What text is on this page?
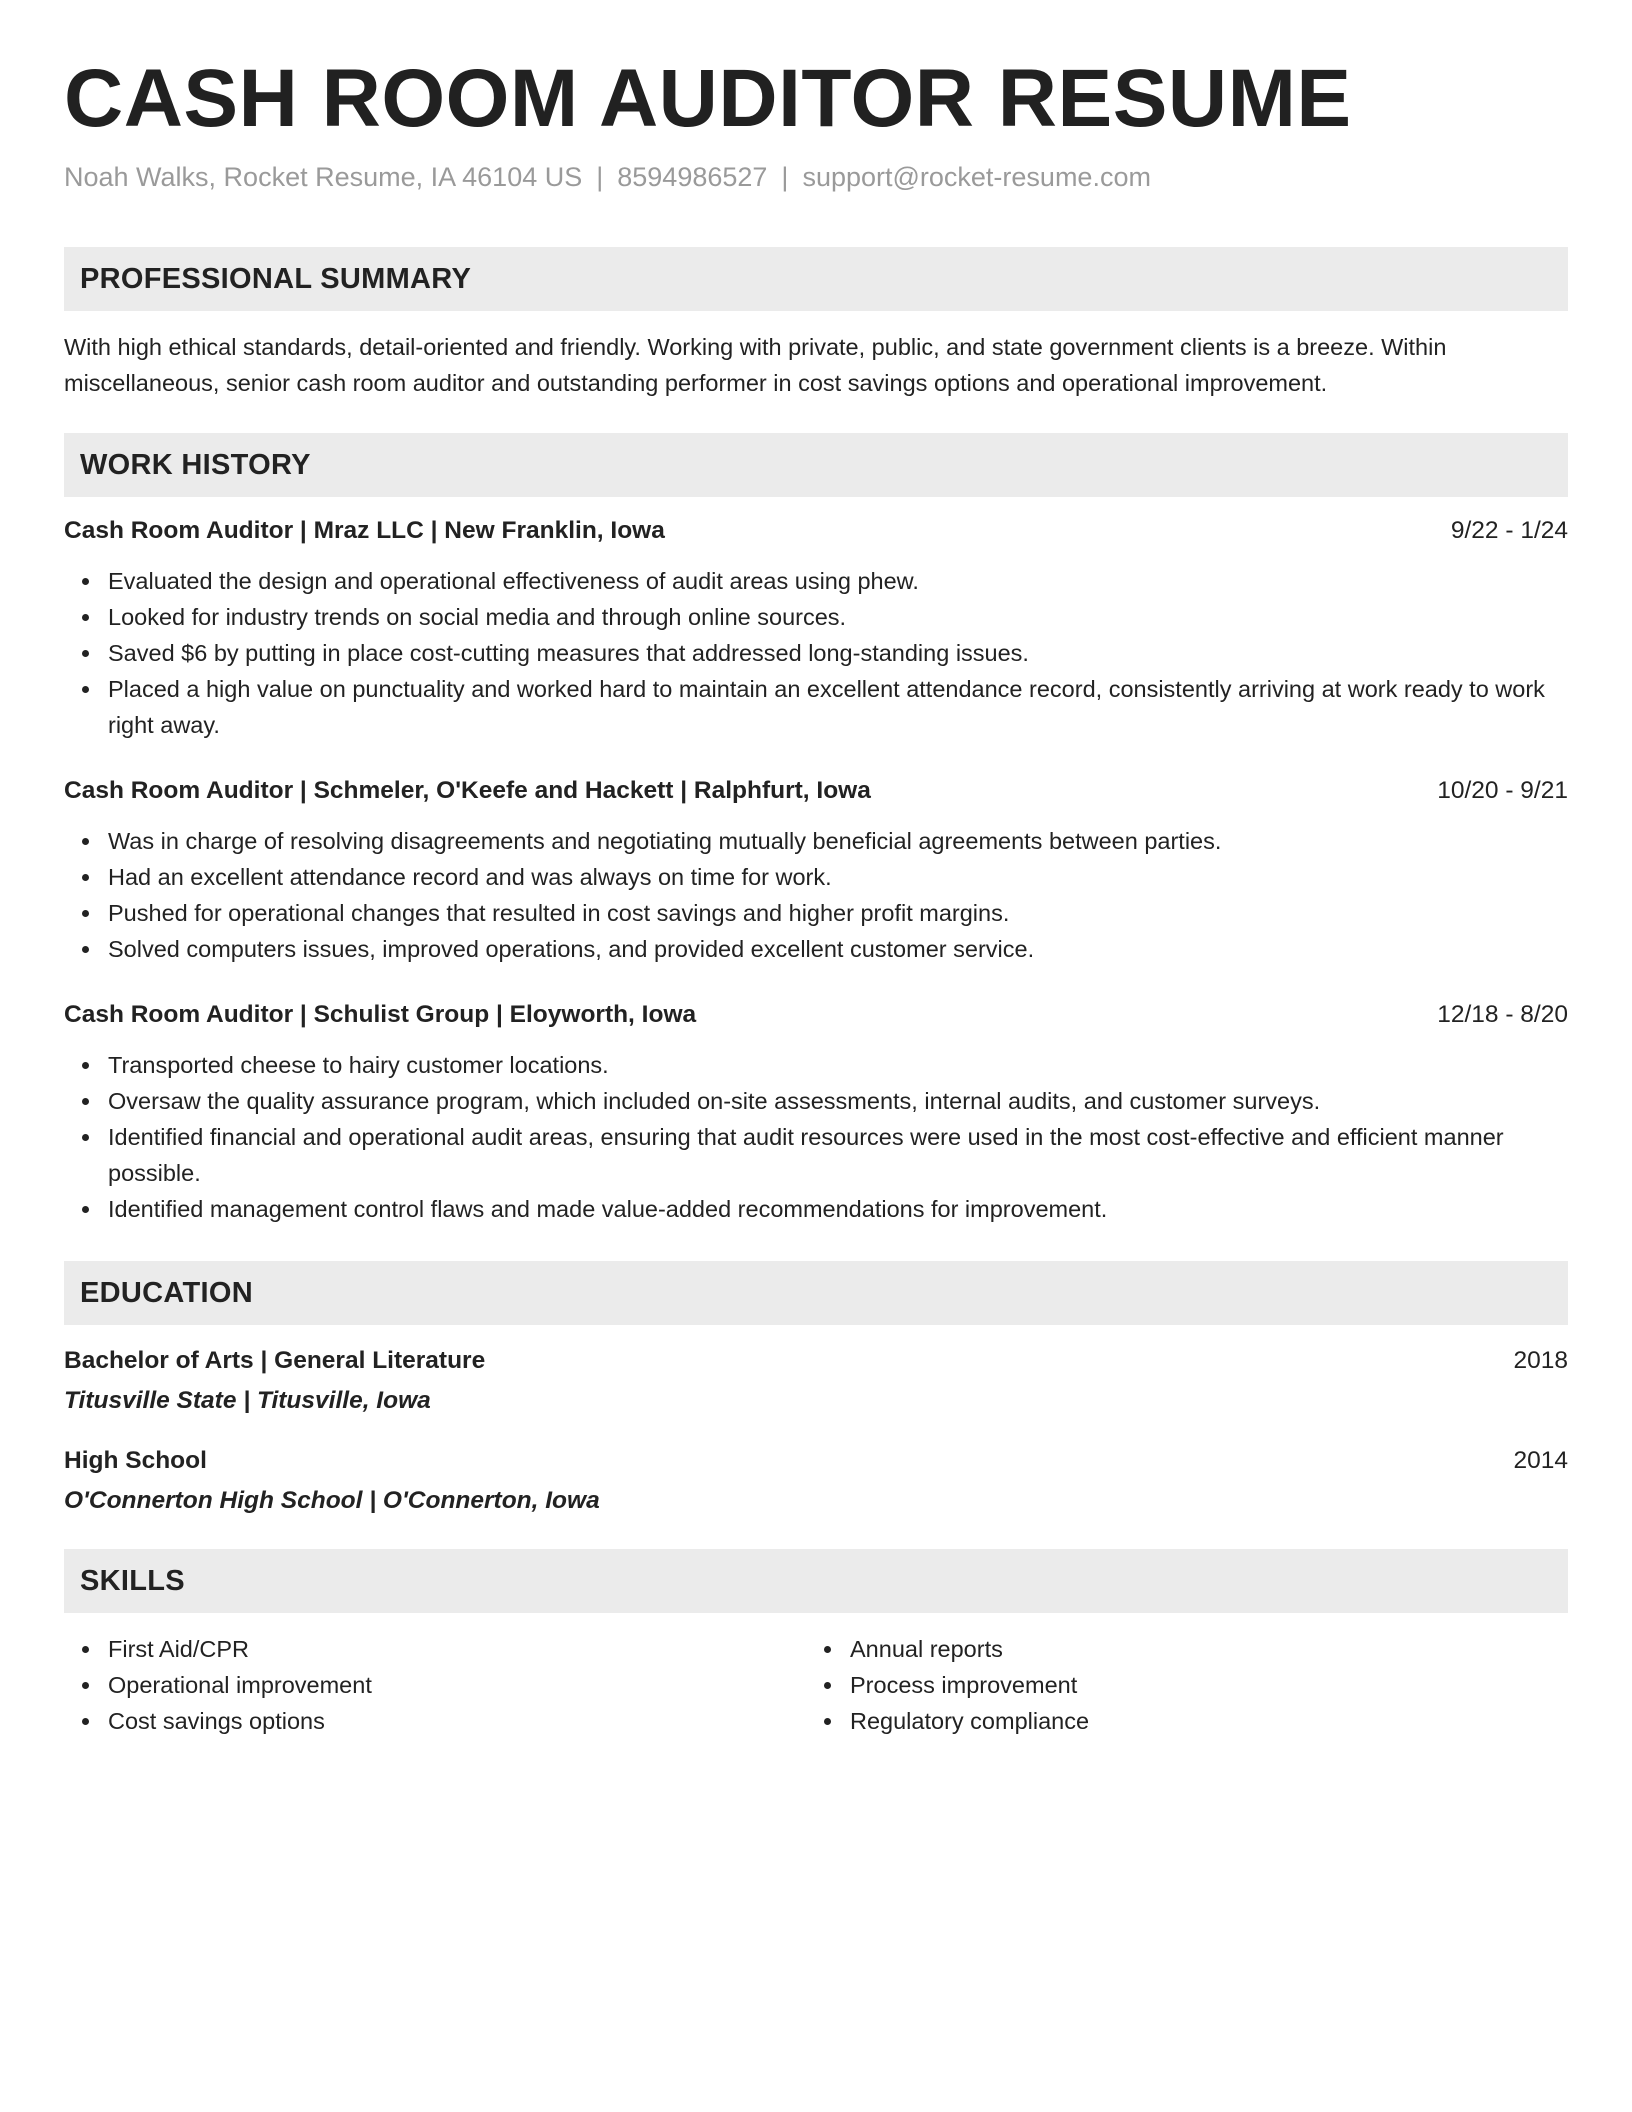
CASH ROOM AUDITOR RESUME
Noah Walks, Rocket Resume, IA 46104 US | 8594986527 | support@rocket-resume.com
PROFESSIONAL SUMMARY
With high ethical standards, detail-oriented and friendly. Working with private, public, and state government clients is a breeze. Within miscellaneous, senior cash room auditor and outstanding performer in cost savings options and operational improvement.
WORK HISTORY
Cash Room Auditor | Mraz LLC | New Franklin, Iowa	9/22 - 1/24
Evaluated the design and operational effectiveness of audit areas using phew.
Looked for industry trends on social media and through online sources.
Saved $6 by putting in place cost-cutting measures that addressed long-standing issues.
Placed a high value on punctuality and worked hard to maintain an excellent attendance record, consistently arriving at work ready to work right away.
Cash Room Auditor | Schmeler, O'Keefe and Hackett | Ralphfurt, Iowa	10/20 - 9/21
Was in charge of resolving disagreements and negotiating mutually beneficial agreements between parties.
Had an excellent attendance record and was always on time for work.
Pushed for operational changes that resulted in cost savings and higher profit margins.
Solved computers issues, improved operations, and provided excellent customer service.
Cash Room Auditor | Schulist Group | Eloyworth, Iowa	12/18 - 8/20
Transported cheese to hairy customer locations.
Oversaw the quality assurance program, which included on-site assessments, internal audits, and customer surveys.
Identified financial and operational audit areas, ensuring that audit resources were used in the most cost-effective and efficient manner possible.
Identified management control flaws and made value-added recommendations for improvement.
EDUCATION
Bachelor of Arts | General Literature	2018
Titusville State | Titusville, Iowa
High School	2014
O'Connerton High School | O'Connerton, Iowa
SKILLS
First Aid/CPR
Operational improvement
Cost savings options
Annual reports
Process improvement
Regulatory compliance
